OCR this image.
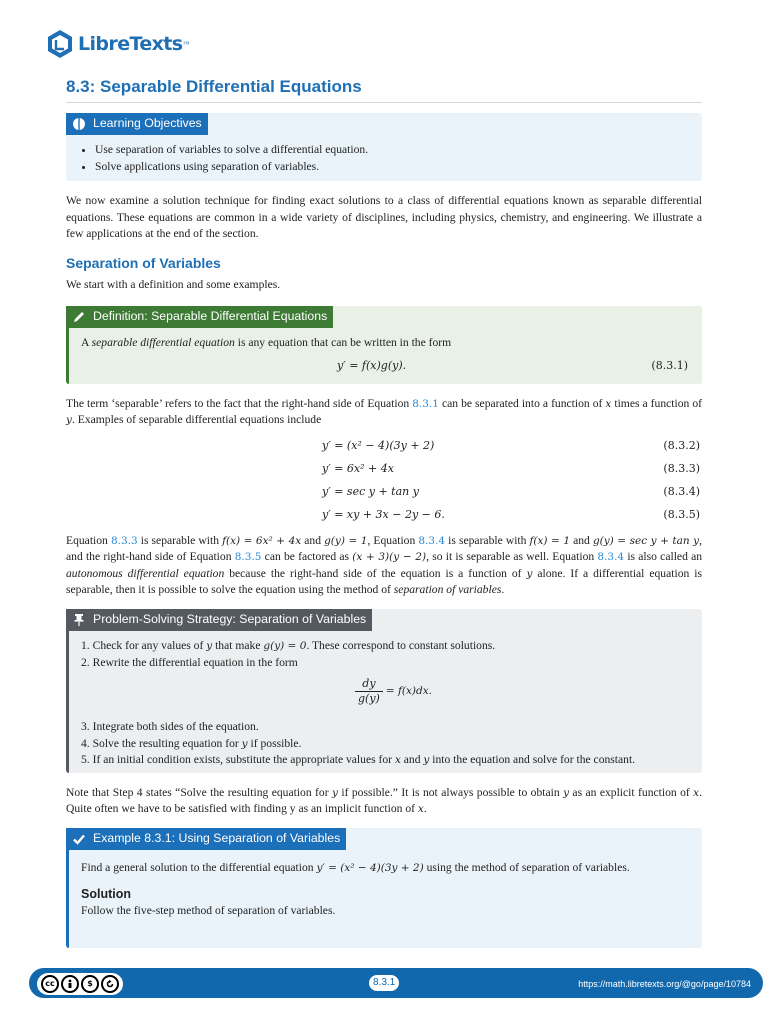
LibreTexts ™
8.3: Separable Differential Equations
Learning Objectives
• Use separation of variables to solve a differential equation.
• Solve applications using separation of variables.

We now examine a solution technique for finding exact solutions to a class of differential equations known as separable differential equations. These equations are common in a wide variety of disciplines, including physics, chemistry, and engineering. We illustrate a few applications at the end of the section.

Separation of Variables

We start with a definition and some examples.

Definition: Separable Differential Equations

A separable differential equation is any equation that can be written in the form

y′ = f(x)g(y).	(8.3.1)

The term ‘separable’ refers to the fact that the right-hand side of Equation 8.3.1 can be separated into a function of x times a function of y. Examples of separable differential equations include

y′ = (x² − 4)(3y + 2)	(8.3.2)
y′ = 6x² + 4x	(8.3.3)
y′ = sec y + tan y	(8.3.4)
y′ = xy + 3x − 2y − 6.	(8.3.5)

Equation 8.3.3 is separable with f(x) = 6x² + 4x and g(y) = 1, Equation 8.3.4 is separable with f(x) = 1 and g(y) = sec y + tan y, and the right-hand side of Equation 8.3.5 can be factored as (x + 3)(y − 2), so it is separable as well. Equation 8.3.4 is also called an autonomous differential equation because the right-hand side of the equation is a function of y alone. If a differential equation is separable, then it is possible to solve the equation using the method of separation of variables.

Problem-Solving Strategy: Separation of Variables

1. Check for any values of y that make g(y) = 0. These correspond to constant solutions.

2. Rewrite the differential equation in the form

$\frac{dy}{g(y)} = f(x)dx$.

3. Integrate both sides of the equation.

4. Solve the resulting equation for y if possible.

5. If an initial condition exists, substitute the appropriate values for x and y into the equation and solve for the constant.

Note that Step 4 states “Solve the resulting equation for y if possible.” It is not always possible to obtain y as an explicit function of x. Quite often we have to be satisfied with finding y as an implicit function of x.

Example 8.3.1: Using Separation of Variables

Find a general solution to the differential equation y′ = (x² − 4)(3y + 2) using the method of separation of variables.

Solution

Follow the five-step method of separation of variables.

cc	$	8.3.1	https://math.libretexts.org/@go/page/10784
